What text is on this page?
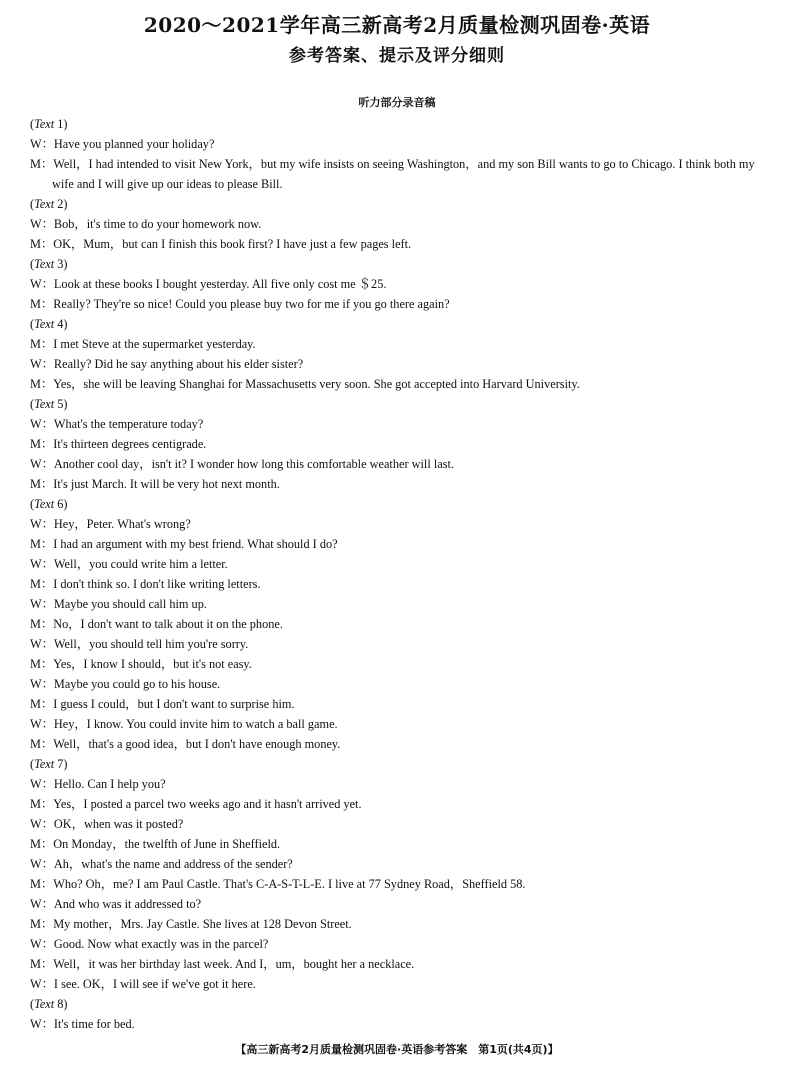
2020～2021学年高三新高考2月质量检测巩固卷·英语
参考答案、提示及评分细则
听力部分录音稿
(Text 1)
W：Have you planned your holiday?
M：Well，I had intended to visit New York，but my wife insists on seeing Washington，and my son Bill wants to go to Chicago. I think both my wife and I will give up our ideas to please Bill.
(Text 2)
W：Bob，it's time to do your homework now.
M：OK，Mum，but can I finish this book first? I have just a few pages left.
(Text 3)
W：Look at these books I bought yesterday. All five only cost me ＄25.
M：Really? They're so nice! Could you please buy two for me if you go there again?
(Text 4)
M：I met Steve at the supermarket yesterday.
W：Really? Did he say anything about his elder sister?
M：Yes，she will be leaving Shanghai for Massachusetts very soon. She got accepted into Harvard University.
(Text 5)
W：What's the temperature today?
M：It's thirteen degrees centigrade.
W：Another cool day，isn't it? I wonder how long this comfortable weather will last.
M：It's just March. It will be very hot next month.
(Text 6)
W：Hey，Peter. What's wrong?
M：I had an argument with my best friend. What should I do?
W：Well，you could write him a letter.
M：I don't think so. I don't like writing letters.
W：Maybe you should call him up.
M：No，I don't want to talk about it on the phone.
W：Well，you should tell him you're sorry.
M：Yes，I know I should，but it's not easy.
W：Maybe you could go to his house.
M：I guess I could，but I don't want to surprise him.
W：Hey，I know. You could invite him to watch a ball game.
M：Well，that's a good idea，but I don't have enough money.
(Text 7)
W：Hello. Can I help you?
M：Yes，I posted a parcel two weeks ago and it hasn't arrived yet.
W：OK，when was it posted?
M：On Monday，the twelfth of June in Sheffield.
W：Ah，what's the name and address of the sender?
M：Who? Oh，me? I am Paul Castle. That's C-A-S-T-L-E. I live at 77 Sydney Road，Sheffield 58.
W：And who was it addressed to?
M：My mother，Mrs. Jay Castle. She lives at 128 Devon Street.
W：Good. Now what exactly was in the parcel?
M：Well，it was her birthday last week. And I，um，bought her a necklace.
W：I see. OK，I will see if we've got it here.
(Text 8)
W：It's time for bed.
【高三新高考2月质量检测巩固卷·英语参考答案　第1页(共4页)】
